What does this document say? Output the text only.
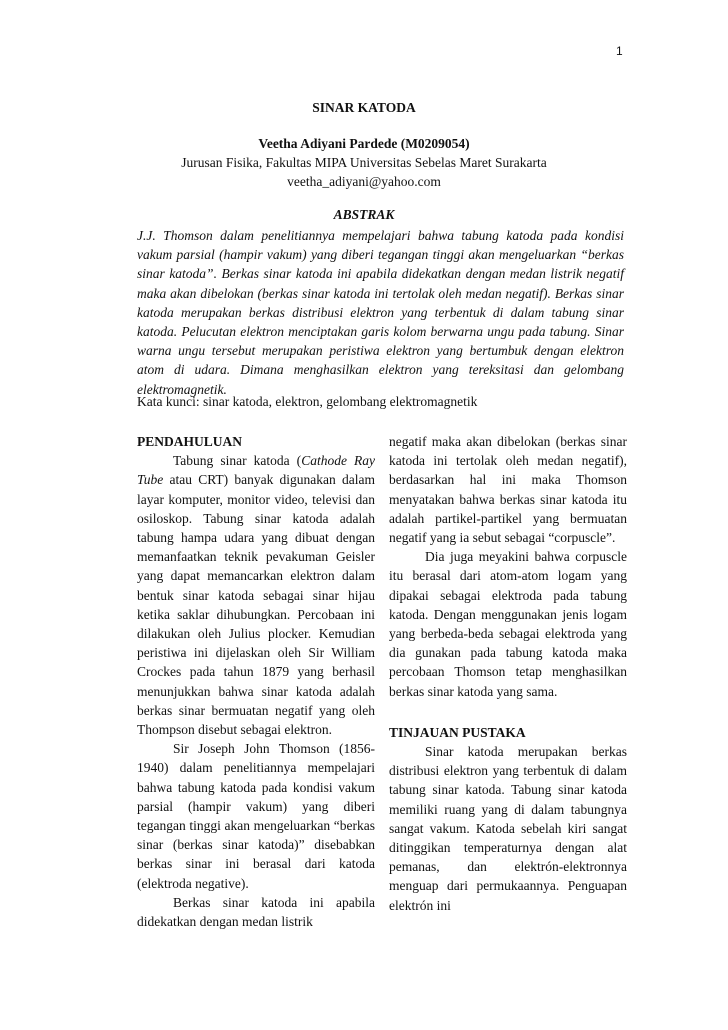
1
SINAR KATODA
Veetha Adiyani Pardede (M0209054)
Jurusan Fisika, Fakultas MIPA Universitas Sebelas Maret Surakarta
veetha_adiyani@yahoo.com
ABSTRAK

J.J. Thomson dalam penelitiannya mempelajari bahwa tabung katoda pada kondisi vakum parsial (hampir vakum) yang diberi tegangan tinggi akan mengeluarkan “berkas sinar katoda”. Berkas sinar katoda ini apabila didekatkan dengan medan listrik negatif maka akan dibelokan (berkas sinar katoda ini tertolak oleh medan negatif). Berkas sinar katoda merupakan berkas distribusi elektron yang terbentuk di dalam tabung sinar katoda. Pelucutan elektron menciptakan garis kolom berwarna ungu pada tabung. Sinar warna ungu tersebut merupakan peristiwa elektron yang bertumbuk dengan elektron atom di udara. Dimana menghasilkan elektron yang tereksitasi dan gelombang elektromagnetik.

Kata kunci: sinar katoda, elektron, gelombang elektromagnetik

PENDAHULUAN

Tabung sinar katoda (Cathode Ray Tube atau CRT) banyak digunakan dalam layar komputer, monitor video, televisi dan osiloskop. Tabung sinar katoda adalah tabung hampa udara yang dibuat dengan memanfaatkan teknik pevakuman Geisler yang dapat memancarkan elektron dalam bentuk sinar katoda sebagai sinar hijau ketika saklar dihubungkan. Percobaan ini dilakukan oleh Julius plocker. Kemudian peristiwa ini dijelaskan oleh Sir William Crockes pada tahun 1879 yang berhasil menunjukkan bahwa sinar katoda adalah berkas sinar bermuatan negatif yang oleh Thompson disebut sebagai elektron.

Sir Joseph John Thomson (1856-1940) dalam penelitiannya mempelajari bahwa tabung katoda pada kondisi vakum parsial (hampir vakum) yang diberi tegangan tinggi akan mengeluarkan “berkas sinar (berkas sinar katoda)” disebabkan berkas sinar ini berasal dari katoda (elektroda negative).

Berkas sinar katoda ini apabila didekatkan dengan medan listrik

negatif maka akan dibelokan (berkas sinar katoda ini tertolak oleh medan negatif), berdasarkan hal ini maka Thomson menyatakan bahwa berkas sinar katoda itu adalah partikel-partikel yang bermuatan negatif yang ia sebut sebagai “corpuscle”.

Dia juga meyakini bahwa corpuscle itu berasal dari atom-atom logam yang dipakai sebagai elektroda pada tabung katoda. Dengan menggunakan jenis logam yang berbeda-beda sebagai elektroda yang dia gunakan pada tabung katoda maka percobaan Thomson tetap menghasilkan berkas sinar katoda yang sama.

TINJAUAN PUSTAKA

Sinar katoda merupakan berkas distribusi elektron yang terbentuk di dalam tabung sinar katoda. Tabung sinar katoda memiliki ruang yang di dalam tabungnya sangat vakum. Katoda sebelah kiri sangat ditinggikan temperaturnya dengan alat pemanas, dan elektrón-elektronnya menguap dari permukaannya. Penguapan elektrón ini
